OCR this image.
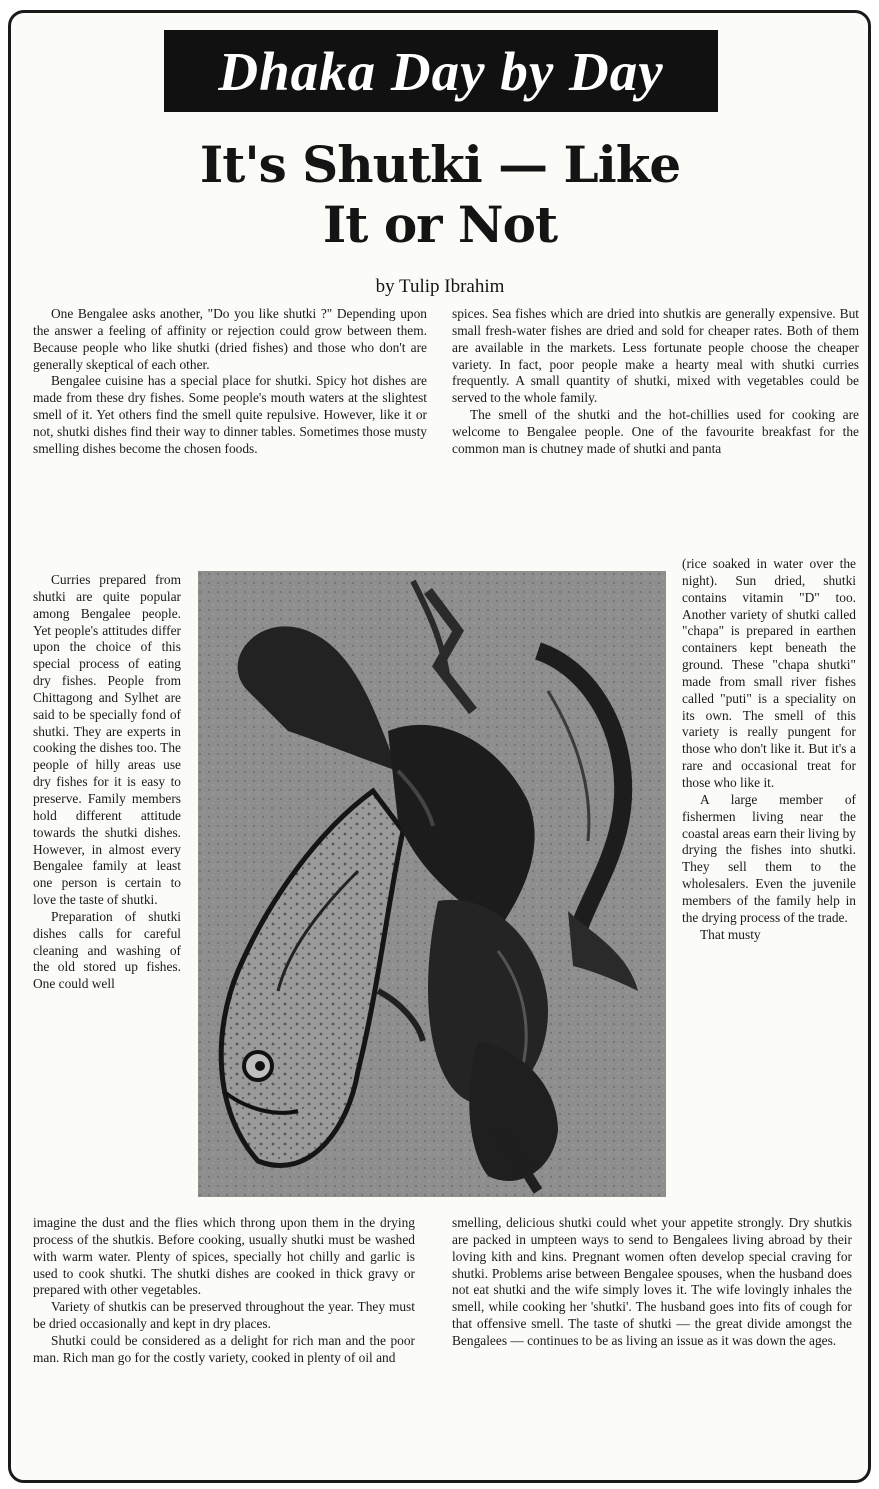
Dhaka Day by Day
It's Shutki — Like
It or Not
by Tulip Ibrahim

One Bengalee asks another, "Do you like shutki ?" Depending upon the answer a feeling of affinity or rejection could grow between them. Because people who like shutki (dried fishes) and those who don't are generally skeptical of each other.

Bengalee cuisine has a special place for shutki. Spicy hot dishes are made from these dry fishes. Some people's mouth waters at the slightest smell of it. Yet others find the smell quite repulsive. However, like it or not, shutki dishes find their way to dinner tables. Sometimes those musty smelling dishes become the chosen foods.

Curries prepared from shutki are quite popular among Bengalee people. Yet people's attitudes differ upon the choice of this special process of eating dry fishes. People from Chittagong and Sylhet are said to be specially fond of shutki. They are experts in cooking the dishes too. The people of hilly areas use dry fishes for it is easy to preserve. Family members hold different attitude towards the shutki dishes. However, in almost every Bengalee family at least one person is certain to love the taste of shutki.

Preparation of shutki dishes calls for careful cleaning and washing of the old stored up fishes. One could well

imagine the dust and the flies which throng upon them in the drying process of the shutkis. Before cooking, usually shutki must be washed with warm water. Plenty of spices, specially hot chilly and garlic is used to cook shutki. The shutki dishes are cooked in thick gravy or prepared with other vegetables.

Variety of shutkis can be preserved throughout the year. They must be dried occasionally and kept in dry places.

Shutki could be considered as a delight for rich man and the poor man. Rich man go for the costly variety, cooked in plenty of oil and

spices. Sea fishes which are dried into shutkis are generally expensive. But small fresh-water fishes are dried and sold for cheaper rates. Both of them are available in the markets. Less fortunate people choose the cheaper variety. In fact, poor people make a hearty meal with shutki curries frequently. A small quantity of shutki, mixed with vegetables could be served to the whole family.

The smell of the shutki and the hot-chillies used for cooking are welcome to Bengalee people. One of the favourite breakfast for the common man is chutney made of shutki and panta

(rice soaked in water over the night). Sun dried, shutki contains vitamin "D" too. Another variety of shutki called "chapa" is prepared in earthen containers kept beneath the ground. These "chapa shutki" made from small river fishes called "puti" is a speciality on its own. The smell of this variety is really pungent for those who don't like it. But it's a rare and occasional treat for those who like it.

A large member of fishermen living near the coastal areas earn their living by drying the fishes into shutki. They sell them to the wholesalers. Even the juvenile members of the family help in the drying process of the trade.

That musty

smelling, delicious shutki could whet your appetite strongly. Dry shutkis are packed in umpteen ways to send to Bengalees living abroad by their loving kith and kins. Pregnant women often develop special craving for shutki. Problems arise between Bengalee spouses, when the husband does not eat shutki and the wife simply loves it. The wife lovingly inhales the smell, while cooking her 'shutki'. The husband goes into fits of cough for that offensive smell. The taste of shutki — the great divide amongst the Bengalees — continues to be as living an issue as it was down the ages.
